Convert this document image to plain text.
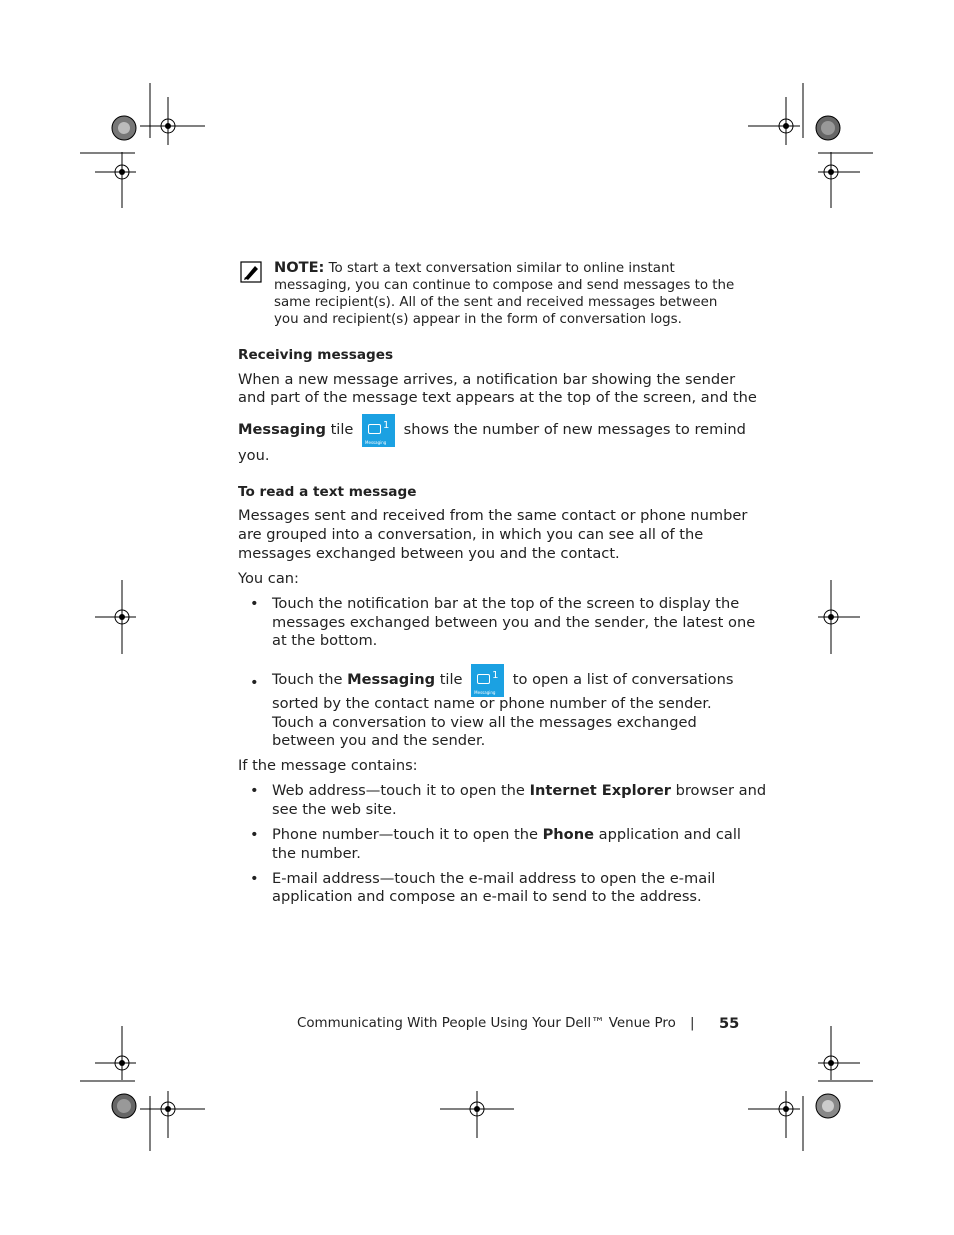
NOTE: To start a text conversation similar to online instant messaging, you can continue to compose and send messages to the same recipient(s). All of the sent and received messages between you and recipient(s) appear in the form of conversation logs.
Receiving messages
When a new message arrives, a notification bar showing the sender
and part of the message text appears at the top of the screen, and the
Messaging tile	1
Messaging
shows the number of new messages to remind
you.
To read a text message
Messages sent and received from the same contact or phone number
are grouped into a conversation, in which you can see all of the
messages exchanged between you and the contact.
You can:
• Touch the notification bar at the top of the screen to display the
messages exchanged between you and the sender, the latest one
at the bottom.
• Touch the Messaging tile	1
Messaging
to open a list of conversations
sorted by the contact name or phone number of the sender.
Touch a conversation to view all the messages exchanged
between you and the sender.
If the message contains:
• Web address—touch it to open the Internet Explorer browser and
see the web site.
• Phone number—touch it to open the Phone application and call
the number.
• E-mail address—touch the e-mail address to open the e-mail
application and compose an e-mail to send to the address.
Communicating With People Using Your Dell™ Venue Pro | 55
